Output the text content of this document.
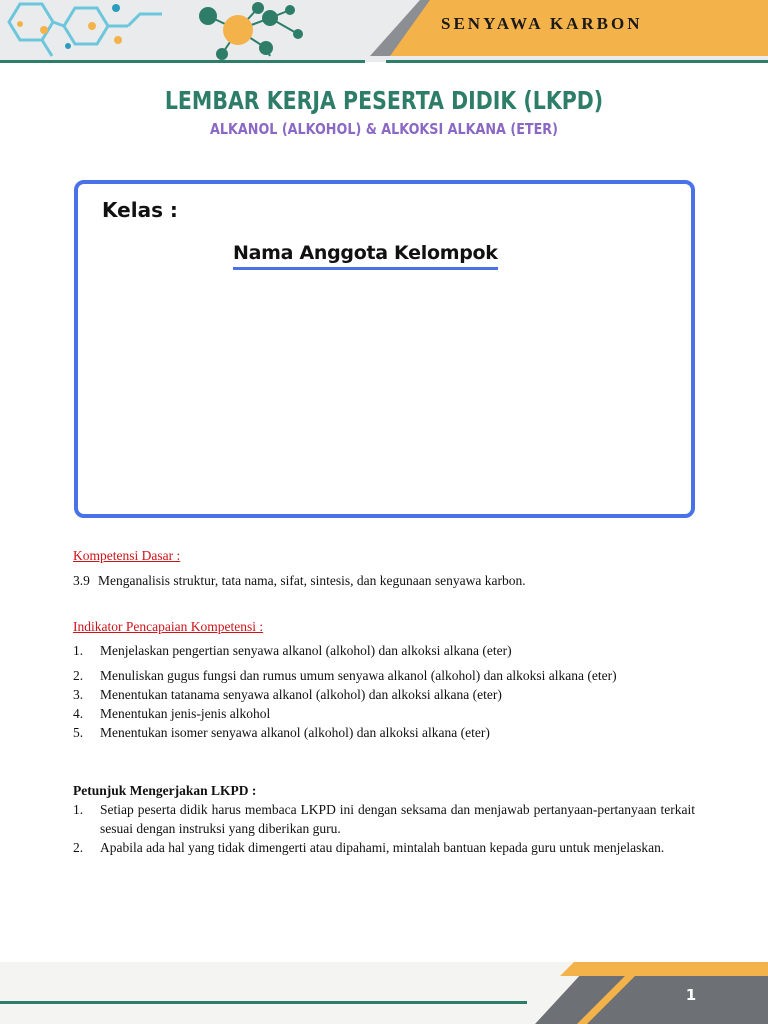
SENYAWA KARBON
LEMBAR KERJA PESERTA DIDIK (LKPD)
ALKANOL (ALKOHOL) & ALKOKSI ALKANA (ETER)
Kelas :
Nama Anggota Kelompok
Kompetensi Dasar :
3.9 Menganalisis struktur, tata nama, sifat, sintesis, dan kegunaan senyawa karbon.
Indikator Pencapaian Kompetensi :
1.	Menjelaskan pengertian senyawa alkanol (alkohol) dan alkoksi alkana (eter)
2.	Menuliskan gugus fungsi dan rumus umum senyawa alkanol (alkohol) dan alkoksi alkana (eter)
3.	Menentukan tatanama senyawa alkanol (alkohol) dan alkoksi alkana (eter)
4.	Menentukan jenis-jenis alkohol
5.	Menentukan isomer senyawa alkanol (alkohol) dan alkoksi alkana (eter)
Petunjuk Mengerjakan LKPD :
1.	Setiap peserta didik harus membaca LKPD ini dengan seksama dan menjawab pertanyaan-pertanyaan terkait sesuai dengan instruksi yang diberikan guru.
2.	Apabila ada hal yang tidak dimengerti atau dipahami, mintalah bantuan kepada guru untuk menjelaskan.
1
